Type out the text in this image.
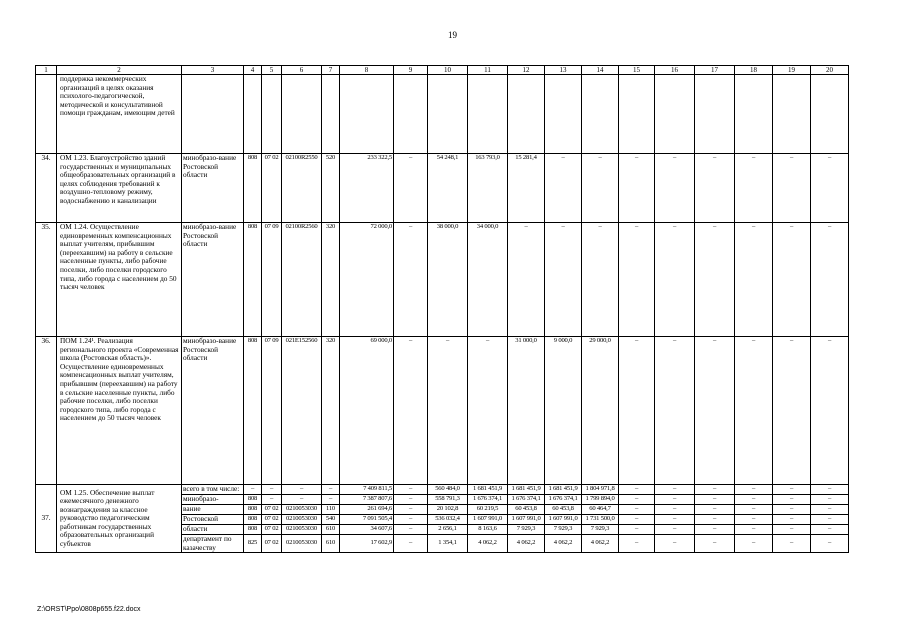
19
1	2	3	4	5	6	7	8	9	10	11	12	13	14	15	16	17	18	19	20
	поддержка некоммерческих организаций в целях оказания психолого-педагогической, методической и консультативной помощи гражданам, имеющим детей																		
34.	ОМ 1.23. Благоустройство зданий государственных и муниципальных общеобразовательных организаций в целях соблюдения требований к воздушно-тепловому режиму, водоснабжению и канализации	минобразо-вание Ростовской области	808	07 02	02100R2550	520	233 322,5	–	54 248,1	163 793,0	15 281,4	–	–	–	–	–	–	–	–
35.	ОМ 1.24. Осуществление единовременных компенсационных выплат учителям, прибывшим (переехавшим) на работу в сельские населенные пункты, либо рабочие поселки, либо поселки городского типа, либо города с населением до 50 тысяч человек	минобразо-вание Ростовской области	808	07 09	02100R2560	320	72 000,0	–	38 000,0	34 000,0	–	–	–	–	–	–	–	–	–
36.	ПОМ 1.24¹. Реализация регионального проекта «Современная школа (Ростовская область)». Осуществление единовременных компенсационных выплат учителям, прибывшим (переехавшим) на работу в сельские населенные пункты, либо рабочие поселки, либо поселки городского типа, либо города с населением до 50 тысяч человек	минобразо-вание Ростовской области	808	07 09	021E152560	320	69 000,0	–	–	–	31 000,0	9 000,0	29 000,0	–	–	–	–	–	–
37.	ОМ 1.25. Обеспечение выплат ежемесячного денежного вознаграждения за классное руководство педагогическим работникам государственных образовательных организаций субъектов	всего в том числе:	–	–	–	–	7 409 811,5	–	560 484,0	1 681 451,9	1 681 451,9	1 681 451,9	1 804 971,8	–	–	–	–	–	–
		минобразо-	808	–	–	–	7 387 807,6	–	558 791,3	1 676 374,1	1 676 374,1	1 676 374,1	1 799 894,0	–	–	–	–	–	–
		вание	808	07 02	0210053030	110	261 694,6	–	20 102,8	60 219,5	60 453,8	60 453,8	60 464,7	–	–	–	–	–	–
		Ростовской	808	07 02	0210053030	540	7 091 505,4	–	536 032,4	1 607 991,0	1 607 991,0	1 607 991,0	1 731 500,0	–	–	–	–	–	–
		области	808	07 02	0210053030	610	34 607,6	–	2 656,1	8 163,6	7 929,3	7 929,3	7 929,3	–	–	–	–	–	–
		департамент по казачеству	825	07 02	0210053030	610	17 602,9	–	1 354,1	4 062,2	4 062,2	4 062,2	4 062,2	–	–	–	–	–	–
Z:\ORST\Ppo\0808p655.f22.docx
